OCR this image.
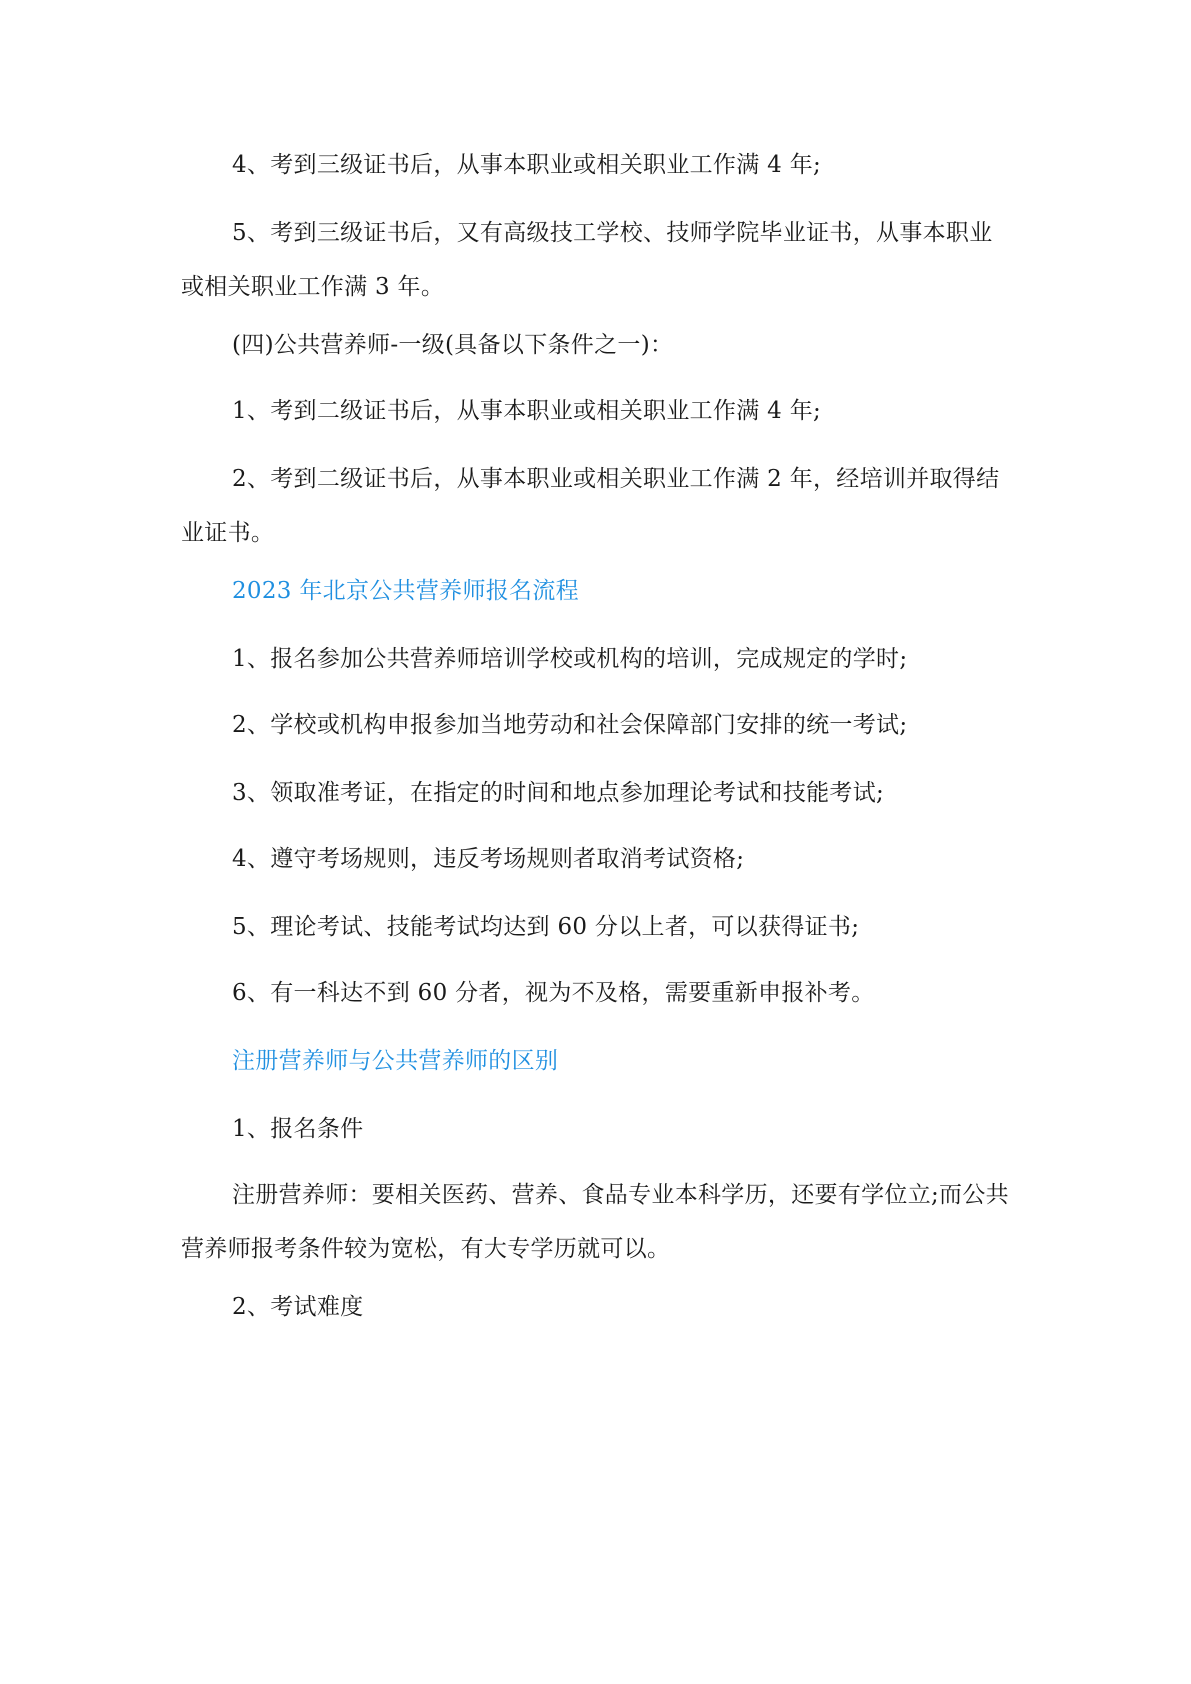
4、考到三级证书后，从事本职业或相关职业工作满 4 年;

5、考到三级证书后，又有高级技工学校、技师学院毕业证书，从事本职业或相关职业工作满 3 年。

(四)公共营养师-一级(具备以下条件之一)：

1、考到二级证书后，从事本职业或相关职业工作满 4 年;

2、考到二级证书后，从事本职业或相关职业工作满 2 年，经培训并取得结业证书。

2023 年北京公共营养师报名流程

1、报名参加公共营养师培训学校或机构的培训，完成规定的学时;

2、学校或机构申报参加当地劳动和社会保障部门安排的统一考试;

3、领取准考证，在指定的时间和地点参加理论考试和技能考试;

4、遵守考场规则，违反考场规则者取消考试资格;

5、理论考试、技能考试均达到 60 分以上者，可以获得证书;

6、有一科达不到 60 分者，视为不及格，需要重新申报补考。

注册营养师与公共营养师的区别

1、报名条件

注册营养师：要相关医药、营养、食品专业本科学历，还要有学位立;而公共营养师报考条件较为宽松，有大专学历就可以。

2、考试难度
